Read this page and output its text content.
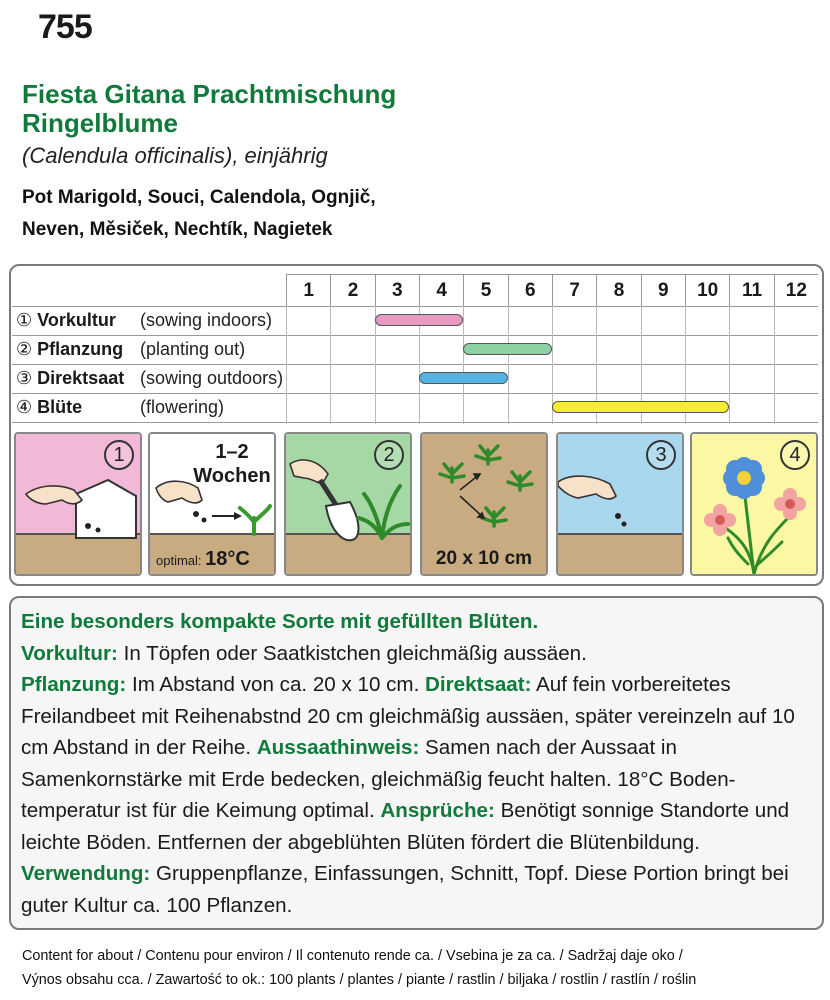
755
Fiesta Gitana Prachtmischung
Ringelblume
(Calendula officinalis), einjährig
Pot Marigold, Souci, Calendola, Ognjič,
Neven, Měsiček, Nechtík, Nagietek
1	2	3	4	5	6	7	8	9	10	11	12
① Vorkultur (sowing indoors)
② Pflanzung (planting out)
③ Direktsaat (sowing outdoors)
④ Blüte	(flowering)
1	1–2
Wochen
optimal: 18°C
2
20 x 10 cm
3	4
Eine besonders kompakte Sorte mit gefüllten Blüten.
Vorkultur: In Töpfen oder Saatkistchen gleichmäßig aussäen.
Pflanzung: Im Abstand von ca. 20 x 10 cm. Direktsaat: Auf fein vorbereitetes Freilandbeet mit Reihenabstnd 20 cm gleichmäßig aussäen, später vereinzeln auf 10 cm Abstand in der Reihe. Aussaathinweis: Samen nach der Aussaat in Samenkornstärke mit Erde bedecken, gleichmäßig feucht halten. 18°C Boden-temperatur ist für die Keimung optimal. Ansprüche: Benötigt sonnige Standorte und leichte Böden. Entfernen der abgeblühten Blüten fördert die Blütenbildung. Verwendung: Gruppenpflanze, Einfassungen, Schnitt, Topf. Diese Portion bringt bei guter Kultur ca. 100 Pflanzen.
Content for about / Contenu pour environ / Il contenuto rende ca. / Vsebina je za ca. / Sadržaj daje oko /
Výnos obsahu cca. / Zawartość to ok.: 100 plants / plantes / piante / rastlin / biljaka / rostlin / rastlín / roślin
